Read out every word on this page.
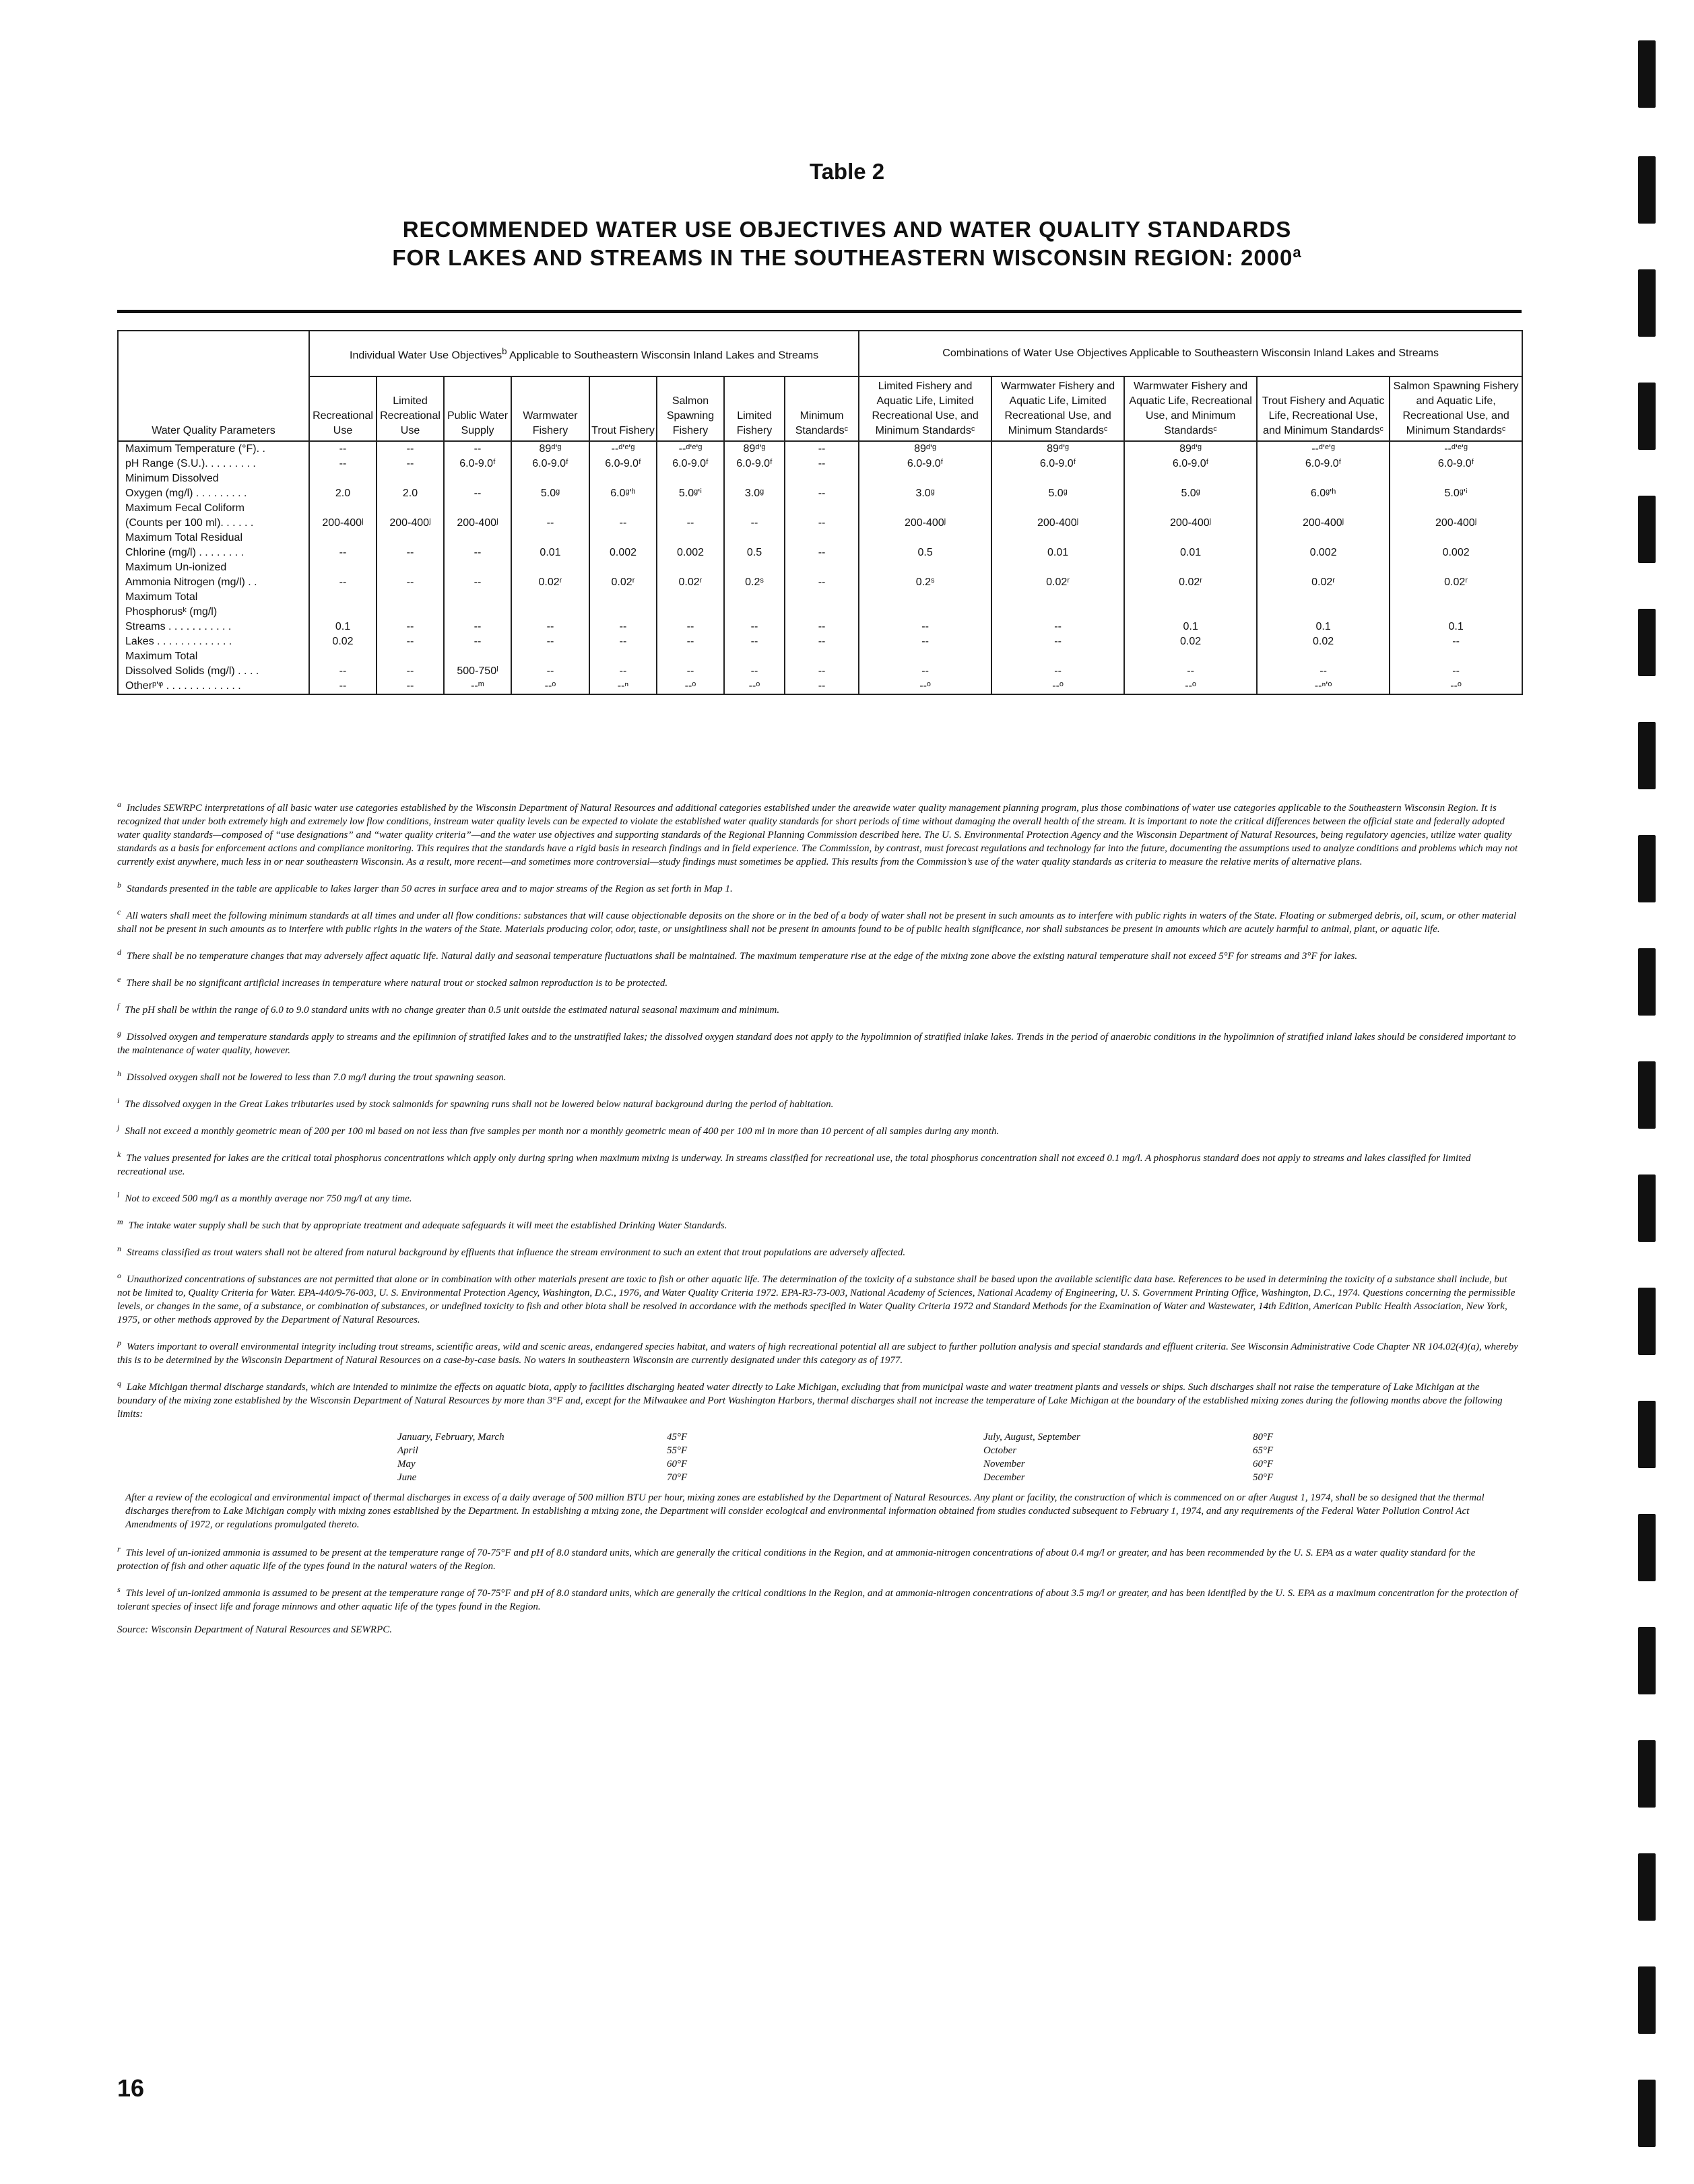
Table 2
RECOMMENDED WATER USE OBJECTIVES AND WATER QUALITY STANDARDS
FOR LAKES AND STREAMS IN THE SOUTHEASTERN WISCONSIN REGION: 2000$^a$
Water Quality Parameters	Individual Water Use Objectives$^b$ Applicable to Southeastern Wisconsin Inland Lakes and Streams								Combinations of Water Use Objectives Applicable to Southeastern Wisconsin Inland Lakes and Streams				
	Recreational Use	Limited Recreational Use	Public Water Supply	Warmwater Fishery	Trout Fishery	Salmon Spawning Fishery	Limited Fishery	Minimum Standardsᶜ	Limited Fishery and Aquatic Life, Limited Recreational Use, and Minimum Standardsᶜ	Warmwater Fishery and Aquatic Life, Limited Recreational Use, and Minimum Standardsᶜ	Warmwater Fishery and Aquatic Life, Recreational Use, and Minimum Standardsᶜ	Trout Fishery and Aquatic Life, Recreational Use, and Minimum Standardsᶜ	Salmon Spawning Fishery and Aquatic Life, Recreational Use, and Minimum Standardsᶜ
Maximum Temperature (°F). .	--	--	--	89ᵈʹᵍ	--ᵈʹᵉʹᵍ	--ᵈʹᵉʹᵍ	89ᵈʹᵍ	--	89ᵈʹᵍ	89ᵈʹᵍ	89ᵈʹᵍ	--ᵈʹᵉʹᵍ	--ᵈʹᵉʹᵍ
pH Range (S.U.). . . . . . . . .	--	--	6.0-9.0ᶠ	6.0-9.0ᶠ	6.0-9.0ᶠ	6.0-9.0ᶠ	6.0-9.0ᶠ	--	6.0-9.0ᶠ	6.0-9.0ᶠ	6.0-9.0ᶠ	6.0-9.0ᶠ	6.0-9.0ᶠ
Minimum Dissolved													
Oxygen (mg/l) . . . . . . . . .	2.0	2.0	--	5.0ᵍ	6.0ᵍʹʰ	5.0ᵍʹⁱ	3.0ᵍ	--	3.0ᵍ	5.0ᵍ	5.0ᵍ	6.0ᵍʹʰ	5.0ᵍʹⁱ
Maximum Fecal Coliform													
(Counts per 100 ml). . . . . .	200-400ʲ	200-400ʲ	200-400ʲ	--	--	--	--	--	200-400ʲ	200-400ʲ	200-400ʲ	200-400ʲ	200-400ʲ
Maximum Total Residual													
Chlorine (mg/l) . . . . . . . .	--	--	--	0.01	0.002	0.002	0.5	--	0.5	0.01	0.01	0.002	0.002
Maximum Un-ionized													
Ammonia Nitrogen (mg/l) . .	--	--	--	0.02ʳ	0.02ʳ	0.02ʳ	0.2ˢ	--	0.2ˢ	0.02ʳ	0.02ʳ	0.02ʳ	0.02ʳ
Maximum Total													
Phosphorusᵏ (mg/l)													
Streams . . . . . . . . . . .	0.1	--	--	--	--	--	--	--	--	--	0.1	0.1	0.1
Lakes . . . . . . . . . . . . .	0.02	--	--	--	--	--	--	--	--	--	0.02	0.02	--
Maximum Total													
Dissolved Solids (mg/l) . . . .	--	--	500-750ˡ	--	--	--	--	--	--	--	--	--	--
Otherᵖʹᵠ . . . . . . . . . . . . .	--	--	--ᵐ	--ᵒ	--ⁿ	--ᵒ	--ᵒ	--	--ᵒ	--ᵒ	--ᵒ	--ⁿʹᵒ	--ᵒ
$^a$ Includes SEWRPC interpretations of all basic water use categories established by the Wisconsin Department of Natural Resources and additional categories established under the areawide water quality management planning program, plus those combinations of water use categories applicable to the Southeastern Wisconsin Region. It is recognized that under both extremely high and extremely low flow conditions, instream water quality levels can be expected to violate the established water quality standards for short periods of time without damaging the overall health of the stream. It is important to note the critical differences between the official state and federally adopted water quality standards—composed of “use designations” and “water quality criteria”—and the water use objectives and supporting standards of the Regional Planning Commission described here. The U. S. Environmental Protection Agency and the Wisconsin Department of Natural Resources, being regulatory agencies, utilize water quality standards as a basis for enforcement actions and compliance monitoring. This requires that the standards have a rigid basis in research findings and in field experience. The Commission, by contrast, must forecast regulations and technology far into the future, documenting the assumptions used to analyze conditions and problems which may not currently exist anywhere, much less in or near southeastern Wisconsin. As a result, more recent—and sometimes more controversial—study findings must sometimes be applied. This results from the Commission’s use of the water quality standards as criteria to measure the relative merits of alternative plans.
$^b$ Standards presented in the table are applicable to lakes larger than 50 acres in surface area and to major streams of the Region as set forth in Map 1.
$^c$ All waters shall meet the following minimum standards at all times and under all flow conditions: substances that will cause objectionable deposits on the shore or in the bed of a body of water shall not be present in such amounts as to interfere with public rights in waters of the State. Floating or submerged debris, oil, scum, or other material shall not be present in such amounts as to interfere with public rights in the waters of the State. Materials producing color, odor, taste, or unsightliness shall not be present in amounts found to be of public health significance, nor shall substances be present in amounts which are acutely harmful to animal, plant, or aquatic life.
$^d$ There shall be no temperature changes that may adversely affect aquatic life. Natural daily and seasonal temperature fluctuations shall be maintained. The maximum temperature rise at the edge of the mixing zone above the existing natural temperature shall not exceed 5°F for streams and 3°F for lakes.
$^e$ There shall be no significant artificial increases in temperature where natural trout or stocked salmon reproduction is to be protected.
$^f$ The pH shall be within the range of 6.0 to 9.0 standard units with no change greater than 0.5 unit outside the estimated natural seasonal maximum and minimum.
$^g$ Dissolved oxygen and temperature standards apply to streams and the epilimnion of stratified lakes and to the unstratified lakes; the dissolved oxygen standard does not apply to the hypolimnion of stratified inlake lakes. Trends in the period of anaerobic conditions in the hypolimnion of stratified inland lakes should be considered important to the maintenance of water quality, however.
$^h$ Dissolved oxygen shall not be lowered to less than 7.0 mg/l during the trout spawning season.
$^i$ The dissolved oxygen in the Great Lakes tributaries used by stock salmonids for spawning runs shall not be lowered below natural background during the period of habitation.
$^j$ Shall not exceed a monthly geometric mean of 200 per 100 ml based on not less than five samples per month nor a monthly geometric mean of 400 per 100 ml in more than 10 percent of all samples during any month.
$^k$ The values presented for lakes are the critical total phosphorus concentrations which apply only during spring when maximum mixing is underway. In streams classified for recreational use, the total phosphorus concentration shall not exceed 0.1 mg/l. A phosphorus standard does not apply to streams and lakes classified for limited recreational use.
$^l$ Not to exceed 500 mg/l as a monthly average nor 750 mg/l at any time.
$^m$ The intake water supply shall be such that by appropriate treatment and adequate safeguards it will meet the established Drinking Water Standards.
$^n$ Streams classified as trout waters shall not be altered from natural background by effluents that influence the stream environment to such an extent that trout populations are adversely affected.
$^o$ Unauthorized concentrations of substances are not permitted that alone or in combination with other materials present are toxic to fish or other aquatic life. The determination of the toxicity of a substance shall be based upon the available scientific data base. References to be used in determining the toxicity of a substance shall include, but not be limited to, Quality Criteria for Water. EPA-440/9-76-003, U. S. Environmental Protection Agency, Washington, D.C., 1976, and Water Quality Criteria 1972. EPA-R3-73-003, National Academy of Sciences, National Academy of Engineering, U. S. Government Printing Office, Washington, D.C., 1974. Questions concerning the permissible levels, or changes in the same, of a substance, or combination of substances, or undefined toxicity to fish and other biota shall be resolved in accordance with the methods specified in Water Quality Criteria 1972 and Standard Methods for the Examination of Water and Wastewater, 14th Edition, American Public Health Association, New York, 1975, or other methods approved by the Department of Natural Resources.
$^p$ Waters important to overall environmental integrity including trout streams, scientific areas, wild and scenic areas, endangered species habitat, and waters of high recreational potential all are subject to further pollution analysis and special standards and effluent criteria. See Wisconsin Administrative Code Chapter NR 104.02(4)(a), whereby this is to be determined by the Wisconsin Department of Natural Resources on a case-by-case basis. No waters in southeastern Wisconsin are currently designated under this category as of 1977.
$^q$ Lake Michigan thermal discharge standards, which are intended to minimize the effects on aquatic biota, apply to facilities discharging heated water directly to Lake Michigan, excluding that from municipal waste and water treatment plants and vessels or ships. Such discharges shall not raise the temperature of Lake Michigan at the boundary of the mixing zone established by the Wisconsin Department of Natural Resources by more than 3°F and, except for the Milwaukee and Port Washington Harbors, thermal discharges shall not increase the temperature of Lake Michigan at the boundary of the established mixing zones during the following months above the following limits:
January, February, March	45°F	July, August, September	80°F
April	55°F	October	65°F
May	60°F	November	60°F
June	70°F	December	50°F
After a review of the ecological and environmental impact of thermal discharges in excess of a daily average of 500 million BTU per hour, mixing zones are established by the Department of Natural Resources. Any plant or facility, the construction of which is commenced on or after August 1, 1974, shall be so designed that the thermal discharges therefrom to Lake Michigan comply with mixing zones established by the Department. In establishing a mixing zone, the Department will consider ecological and environmental information obtained from studies conducted subsequent to February 1, 1974, and any requirements of the Federal Water Pollution Control Act Amendments of 1972, or regulations promulgated thereto.
$^r$ This level of un-ionized ammonia is assumed to be present at the temperature range of 70-75°F and pH of 8.0 standard units, which are generally the critical conditions in the Region, and at ammonia-nitrogen concentrations of about 0.4 mg/l or greater, and has been recommended by the U. S. EPA as a water quality standard for the protection of fish and other aquatic life of the types found in the natural waters of the Region.
$^s$ This level of un-ionized ammonia is assumed to be present at the temperature range of 70-75°F and pH of 8.0 standard units, which are generally the critical conditions in the Region, and at ammonia-nitrogen concentrations of about 3.5 mg/l or greater, and has been identified by the U. S. EPA as a maximum concentration for the protection of tolerant species of insect life and forage minnows and other aquatic life of the types found in the Region.
Source: Wisconsin Department of Natural Resources and SEWRPC.
16
